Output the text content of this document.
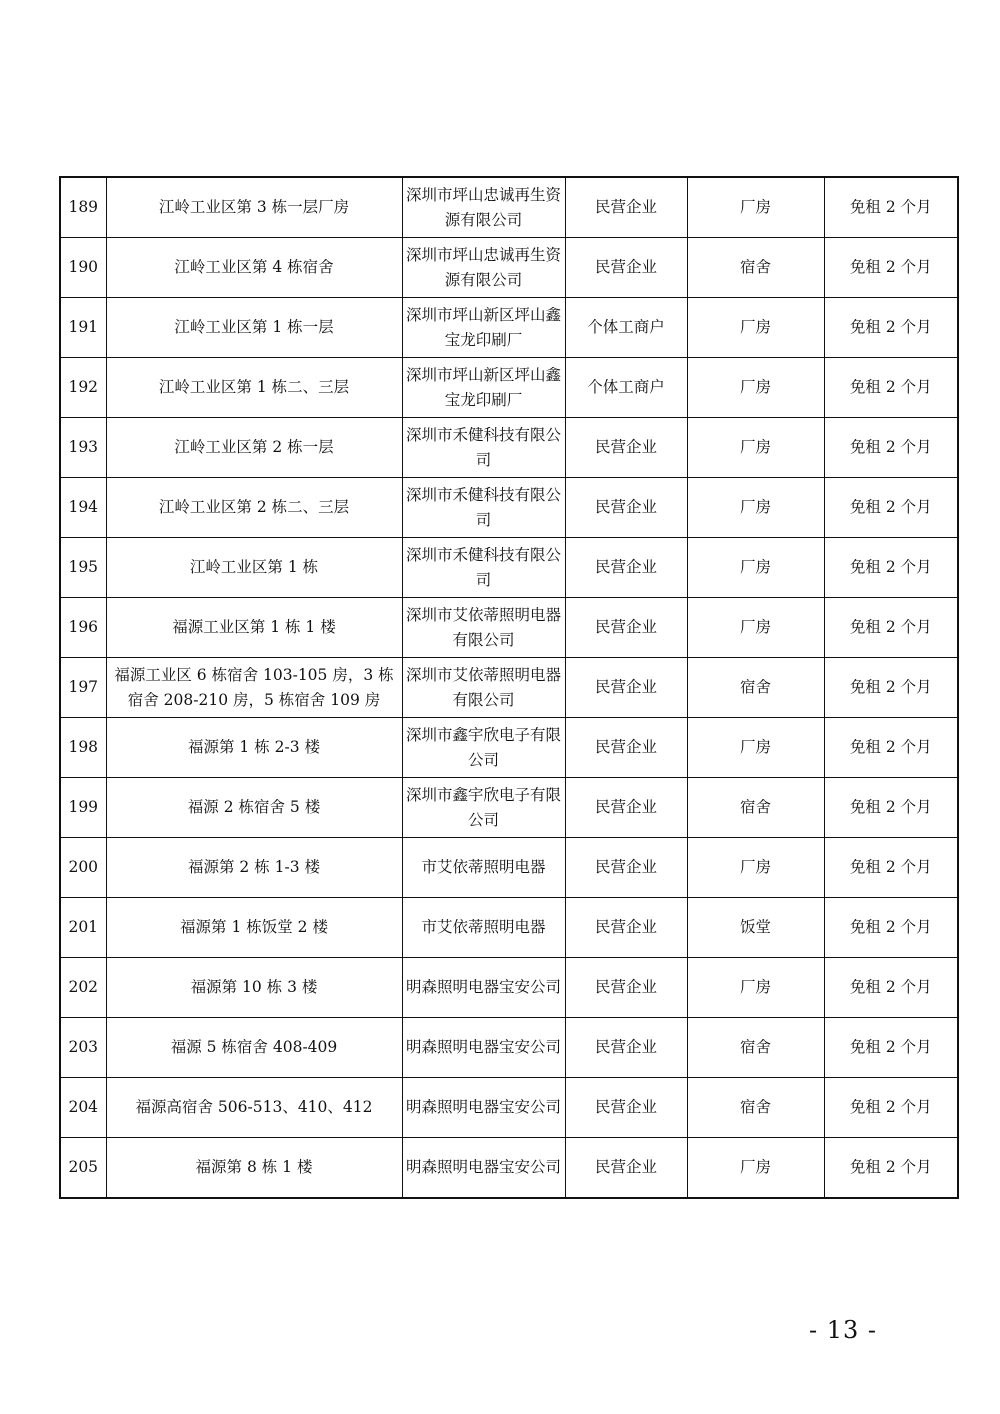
189	江岭工业区第 3 栋一层厂房	深圳市坪山忠诚再生资源有限公司	民营企业	厂房	免租 2 个月
190	江岭工业区第 4 栋宿舍	深圳市坪山忠诚再生资源有限公司	民营企业	宿舍	免租 2 个月
191	江岭工业区第 1 栋一层	深圳市坪山新区坪山鑫宝龙印刷厂	个体工商户	厂房	免租 2 个月
192	江岭工业区第 1 栋二、三层	深圳市坪山新区坪山鑫宝龙印刷厂	个体工商户	厂房	免租 2 个月
193	江岭工业区第 2 栋一层	深圳市禾健科技有限公司	民营企业	厂房	免租 2 个月
194	江岭工业区第 2 栋二、三层	深圳市禾健科技有限公司	民营企业	厂房	免租 2 个月
195	江岭工业区第 1 栋	深圳市禾健科技有限公司	民营企业	厂房	免租 2 个月
196	福源工业区第 1 栋 1 楼	深圳市艾依蒂照明电器有限公司	民营企业	厂房	免租 2 个月
197	福源工业区 6 栋宿舍 103-105 房，3 栋宿舍 208-210 房，5 栋宿舍 109 房	深圳市艾依蒂照明电器有限公司	民营企业	宿舍	免租 2 个月
198	福源第 1 栋 2-3 楼	深圳市鑫宇欣电子有限公司	民营企业	厂房	免租 2 个月
199	福源 2 栋宿舍 5 楼	深圳市鑫宇欣电子有限公司	民营企业	宿舍	免租 2 个月
200	福源第 2 栋 1-3 楼	市艾依蒂照明电器	民营企业	厂房	免租 2 个月
201	福源第 1 栋饭堂 2 楼	市艾依蒂照明电器	民营企业	饭堂	免租 2 个月
202	福源第 10 栋 3 楼	明森照明电器宝安公司	民营企业	厂房	免租 2 个月
203	福源 5 栋宿舍 408-409	明森照明电器宝安公司	民营企业	宿舍	免租 2 个月
204	福源高宿舍 506-513、410、412	明森照明电器宝安公司	民营企业	宿舍	免租 2 个月
205	福源第 8 栋 1 楼	明森照明电器宝安公司	民营企业	厂房	免租 2 个月
- 13 -
